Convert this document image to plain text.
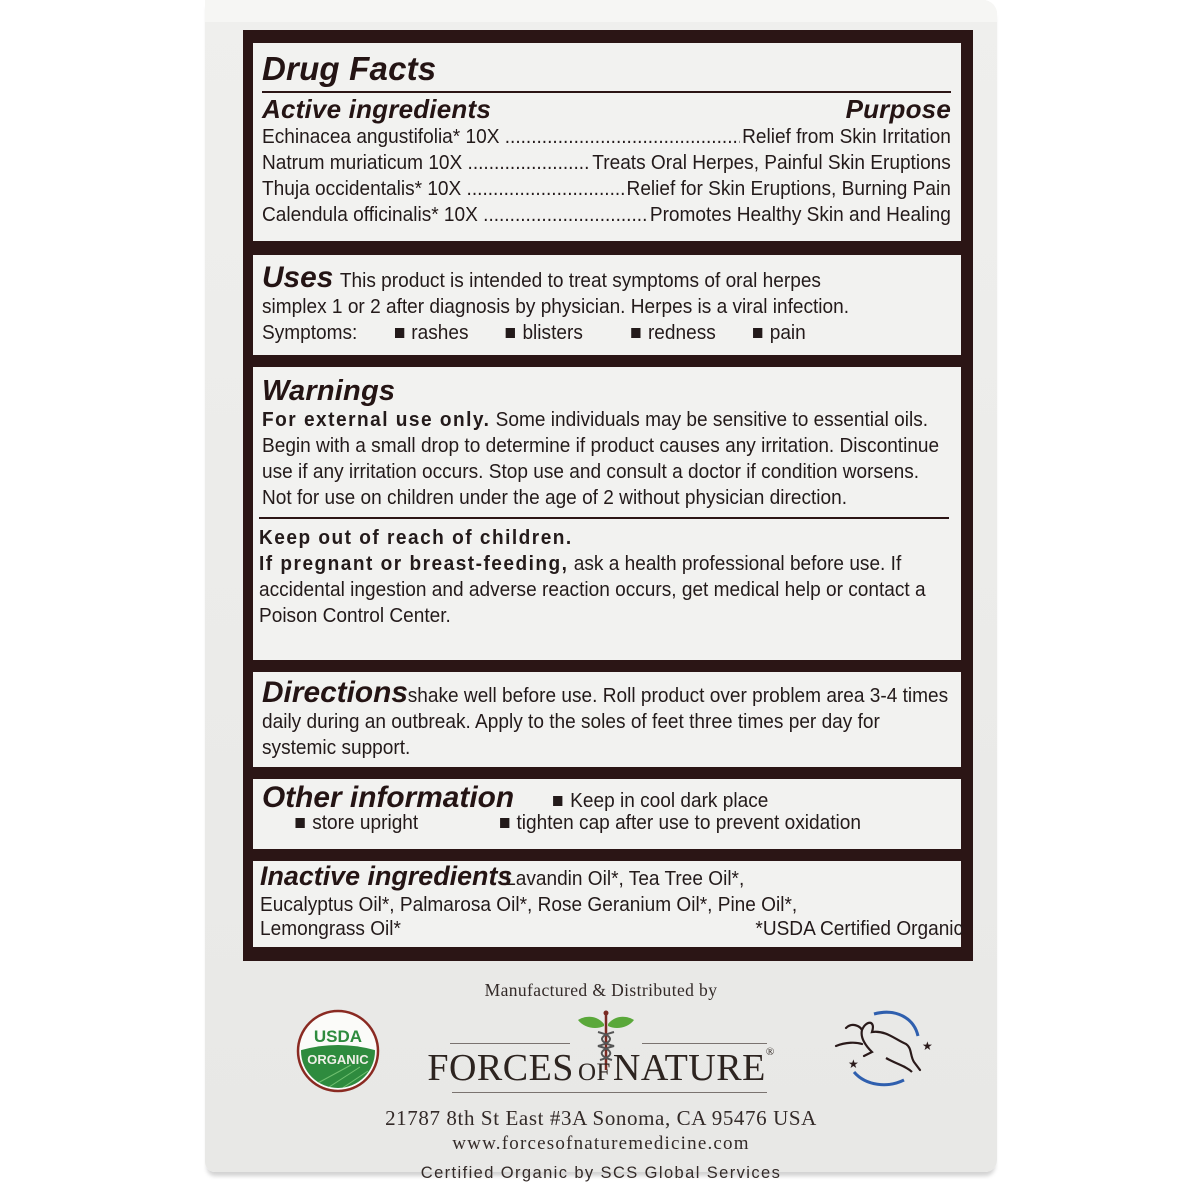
Drug Facts
Active ingredients	Purpose
Echinacea angustifolia* 10X .....	Relief from Skin Irritation
Natrum muriaticum 10X .....	Treats Oral Herpes, Painful Skin Eruptions
Thuja occidentalis* 10X .....	Relief for Skin Eruptions, Burning Pain
Calendula officinalis* 10X .....	Promotes Healthy Skin and Healing
Uses This product is intended to treat symptoms of oral herpes
simplex 1 or 2 after diagnosis by physician. Herpes is a viral infection.
Symptoms:	rashes	blisters	redness	pain
Warnings
For external use only. Some individuals may be sensitive to essential oils. Begin with a small drop to determine if product causes any irritation. Discontinue use if any irritation occurs. Stop use and consult a doctor if condition worsens. Not for use on children under the age of 2 without physician direction.
Keep out of reach of children.
If pregnant or breast-feeding, ask a health professional before use. If accidental ingestion and adverse reaction occurs, get medical help or contact a Poison Control Center.
Directionsshake well before use. Roll product over problem area 3-4 times daily during an outbreak. Apply to the soles of feet three times per day for systemic support.
Other information	Keep in cool dark place
store upright	tighten cap after use to prevent oxidation
Inactive ingredientsLavandin Oil*, Tea Tree Oil*,
Eucalyptus Oil*, Palmarosa Oil*, Rose Geranium Oil*, Pine Oil*,
Lemongrass Oil*	*USDA Certified Organic
Manufactured & Distributed by
USDA
ORGANIC	FORCES OFNATURE®	★
★
21787 8th St East #3A Sonoma, CA 95476 USA
www.forcesofnaturemedicine.com
Certified Organic by SCS Global Services
